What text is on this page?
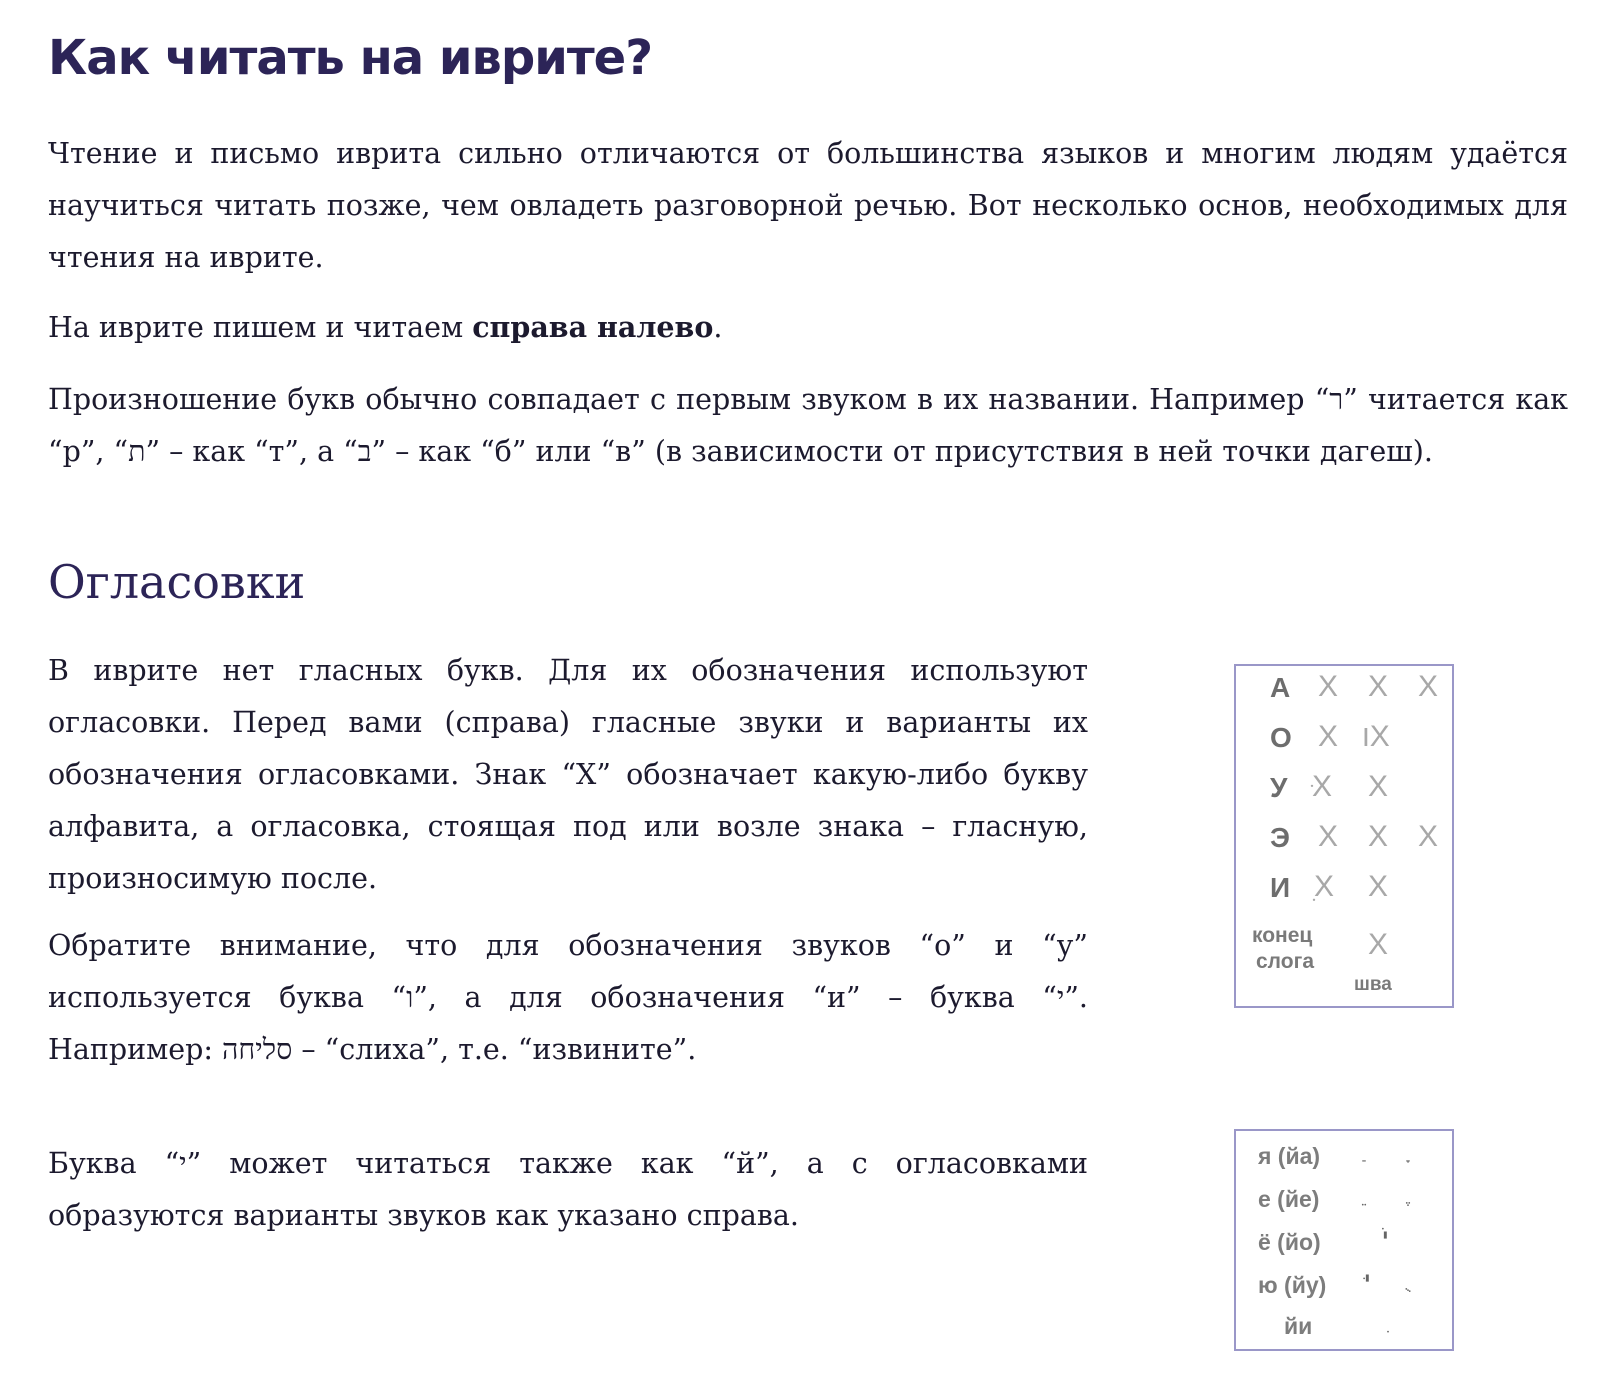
Как читать на иврите?

Чтение и письмо иврита сильно отличаются от большинства языков и многим людям удаётся научиться читать позже, чем овладеть разговорной речью. Вот несколько основ, необходимых для чтения на иврите.

На иврите пишем и читаем справа налево.

Произношение букв обычно совпадает с первым звуком в их названии. Например “ר” читается как “р”, “ת” – как “т”, а “ב” – как “б” или “в” (в зависимости от присутствия в ней точки дагеш).

Огласовки

В иврите нет гласных букв. Для их обозначения используют огласовки. Перед вами (справа) гласные звуки и варианты их обозначения огласовками. Знак “Х” обозначает какую-либо букву алфавита, а огласовка, стоящая под или возле знака – гласную, произносимую после.

Обратите внимание, что для обозначения звуков “о” и “у” используется буква “ו”, а для обозначения “и” – буква “י”. Например: סליחה – “слиха”, т.е. “извините”.

Буква “י” может читаться также как “й”, а с огласовками образуются варианты звуков как указано справа.

А X X X
О X ו‎X
У ּ‎X X
Э X X X
И ִX X
конец
слога
X
шва
я (йа)
е (йе)
ё (йо)	יֹ
ю (йу) יּ
йи
